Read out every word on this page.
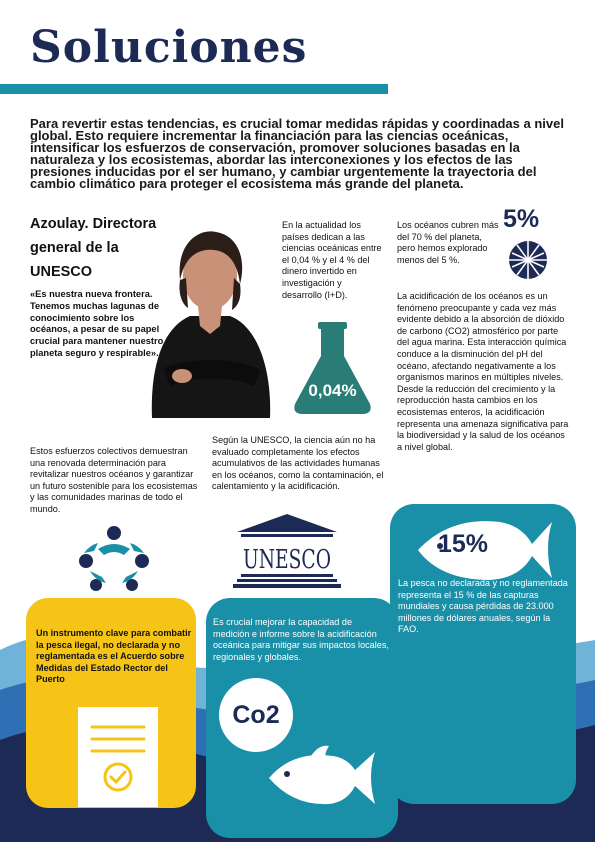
Soluciones
Para revertir estas tendencias, es crucial tomar medidas rápidas y coordinadas a nivel global. Esto requiere incrementar la financiación para las ciencias oceánicas, intensificar los esfuerzos de conservación, promover soluciones basadas en la naturaleza y los ecosistemas, abordar las interconexiones y los efectos de las presiones inducidas por el ser humano, y cambiar urgentemente la trayectoria del cambio climático para proteger el ecosistema más grande del planeta.
Azoulay. Directora general de la UNESCO
«Es nuestra nueva frontera. Tenemos muchas lagunas de conocimiento sobre los océanos, a pesar de su papel crucial para mantener nuestro planeta seguro y respirable».
En la actualidad los países dedican a las ciencias oceánicas entre el 0,04 % y el 4 % del dinero invertido en investigación y desarrollo (I+D).
0,04%
Los océanos cubren más del 70 % del planeta, pero hemos explorado menos del 5 %.
5%
La acidificación de los océanos es un fenómeno preocupante y cada vez más evidente debido a la absorción de dióxido de carbono (CO2) atmosférico por parte del agua marina. Esta interacción química conduce a la disminución del pH del océano, afectando negativamente a los organismos marinos en múltiples niveles. Desde la reducción del crecimiento y la reproducción hasta cambios en los ecosistemas enteros, la acidificación representa una amenaza significativa para la biodiversidad y la salud de los océanos a nivel global.
Estos esfuerzos colectivos demuestran una renovada determinación para revitalizar nuestros océanos y garantizar un futuro sostenible para los ecosistemas y las comunidades marinas de todo el mundo.
Según la UNESCO, la ciencia aún no ha evaluado completamente los efectos acumulativos de las actividades humanas en los océanos, como la contaminación, el calentamiento y la acidificación.
UNESCO
15%
La pesca no declarada y no reglamentada representa el 15 % de las capturas mundiales y causa pérdidas de 23.000 millones de dólares anuales, según la FAO.
Es crucial mejorar la capacidad de medición e informe sobre la acidificación oceánica para mitigar sus impactos locales, regionales y globales.
Co2
Un instrumento clave para combatir la pesca ilegal, no declarada y no reglamentada es el Acuerdo sobre Medidas del Estado Rector del Puerto
